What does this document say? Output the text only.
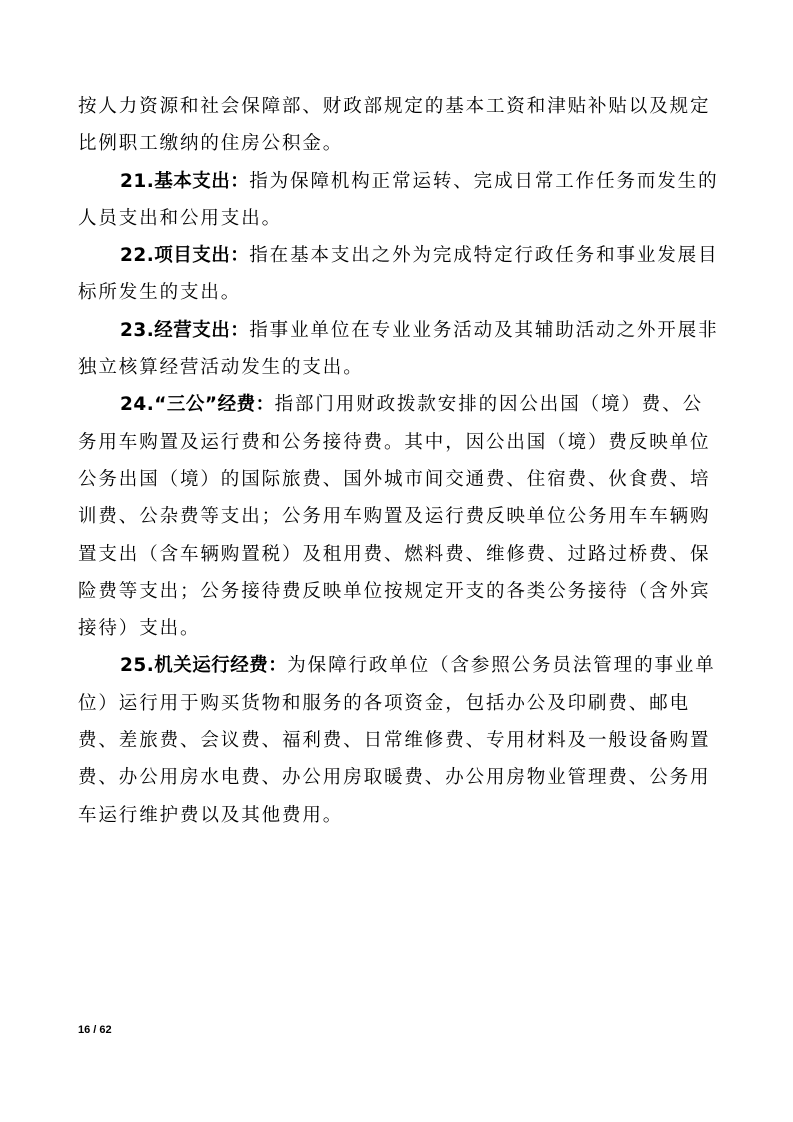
按人力资源和社会保障部、财政部规定的基本工资和津贴补贴以及规定比例职工缴纳的住房公积金。

21.基本支出：指为保障机构正常运转、完成日常工作任务而发生的人员支出和公用支出。

22.项目支出：指在基本支出之外为完成特定行政任务和事业发展目标所发生的支出。

23.经营支出：指事业单位在专业业务活动及其辅助活动之外开展非独立核算经营活动发生的支出。

24.“三公”经费：指部门用财政拨款安排的因公出国（境）费、公务用车购置及运行费和公务接待费。其中，因公出国（境）费反映单位公务出国（境）的国际旅费、国外城市间交通费、住宿费、伙食费、培训费、公杂费等支出；公务用车购置及运行费反映单位公务用车车辆购置支出（含车辆购置税）及租用费、燃料费、维修费、过路过桥费、保险费等支出；公务接待费反映单位按规定开支的各类公务接待（含外宾接待）支出。

25.机关运行经费：为保障行政单位（含参照公务员法管理的事业单位）运行用于购买货物和服务的各项资金，包括办公及印刷费、邮电费、差旅费、会议费、福利费、日常维修费、专用材料及一般设备购置费、办公用房水电费、办公用房取暖费、办公用房物业管理费、公务用车运行维护费以及其他费用。

16 / 62
